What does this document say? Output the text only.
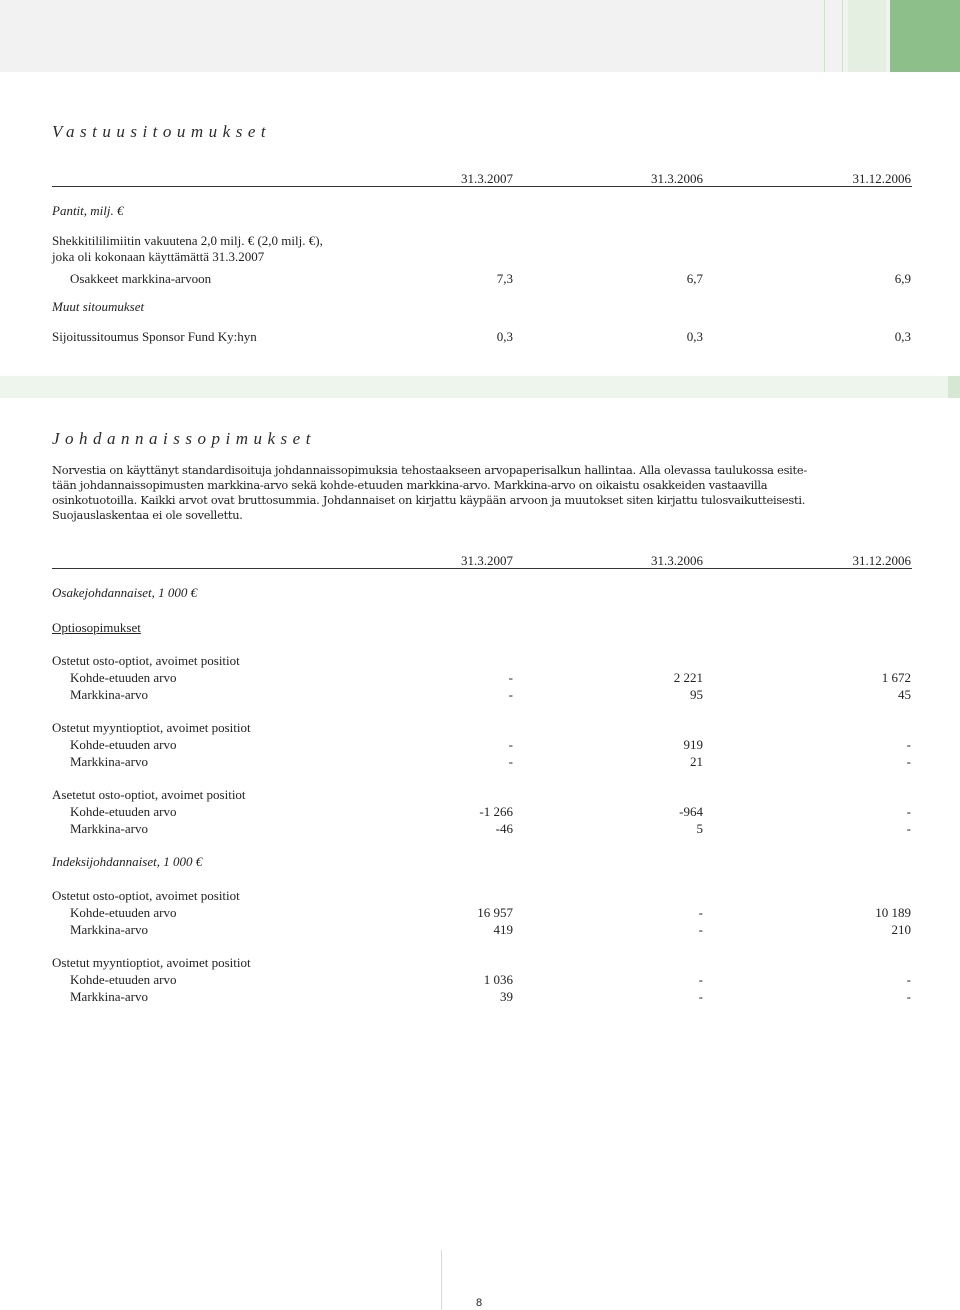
Vastuusitoumukset
31.3.2007	31.3.2006	31.12.2006
Pantit, milj. €
Shekkitililimiitin vakuutena 2,0 milj. € (2,0 milj. €),
joka oli kokonaan käyttämättä 31.3.2007
Osakkeet markkina-arvoon	7,3	6,7	6,9
Muut sitoumukset
Sijoitussitoumus Sponsor Fund Ky:hyn	0,3	0,3	0,3
Johdannaissopimukset
Norvestia on käyttänyt standardisoituja johdannaissopimuksia tehostaakseen arvopaperisalkun hallintaa. Alla olevassa taulukossa esite-
tään johdannaissopimusten markkina-arvo sekä kohde-etuuden markkina-arvo. Markkina-arvo on oikaistu osakkeiden vastaavilla
osinkotuotoilla. Kaikki arvot ovat bruttosummia. Johdannaiset on kirjattu käypään arvoon ja muutokset siten kirjattu tulosvaikutteisesti.
Suojauslaskentaa ei ole sovellettu.
31.3.2007	31.3.2006	31.12.2006
Osakejohdannaiset, 1 000 €
Optiosopimukset
Ostetut osto-optiot, avoimet positiot
Kohde-etuuden arvo	-	2 221	1 672
Markkina-arvo	-	95	45
Ostetut myyntioptiot, avoimet positiot
Kohde-etuuden arvo	-	919	-
Markkina-arvo	-	21	-
Asetetut osto-optiot, avoimet positiot
Kohde-etuuden arvo	-1 266	-964	-
Markkina-arvo	-46	5	-
Indeksijohdannaiset, 1 000 €
Ostetut osto-optiot, avoimet positiot
Kohde-etuuden arvo	16 957	-	10 189
Markkina-arvo	419	-	210
Ostetut myyntioptiot, avoimet positiot
Kohde-etuuden arvo	1 036	-	-
Markkina-arvo	39	-	-
8
